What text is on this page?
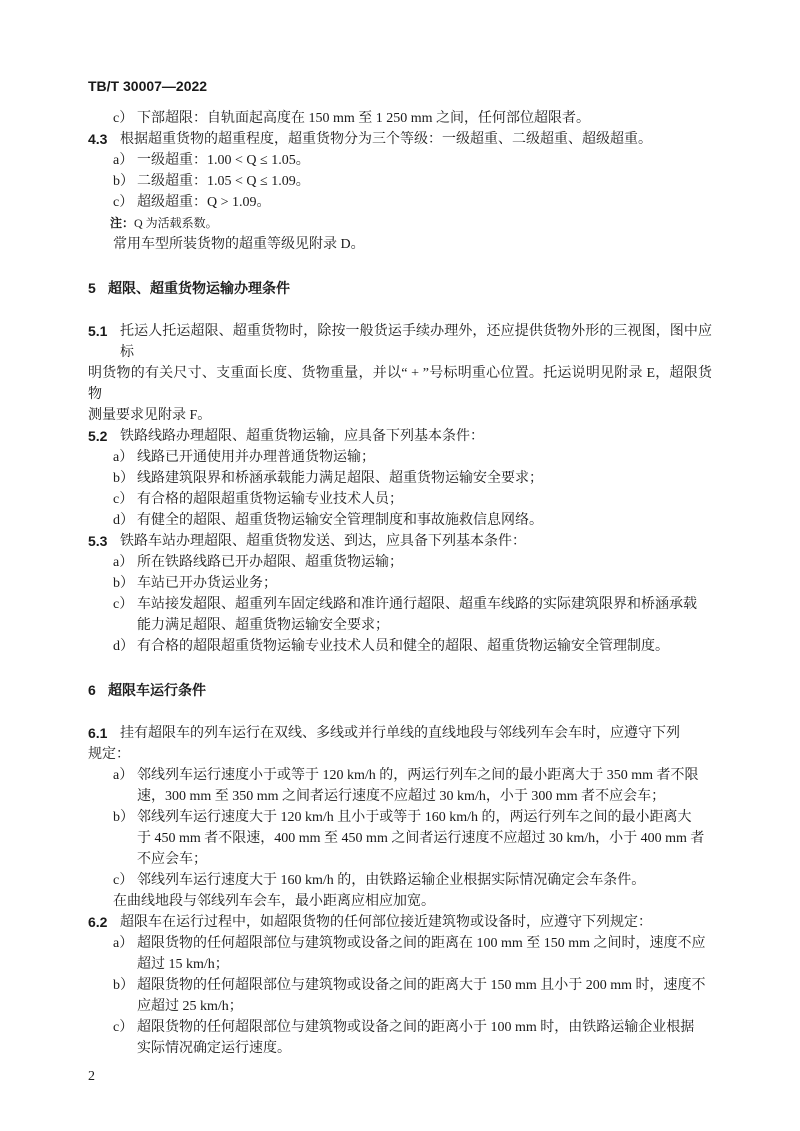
TB/T 30007—2022
c） 下部超限：自轨面起高度在 150 mm 至 1 250 mm 之间，任何部位超限者。
4.3 根据超重货物的超重程度，超重货物分为三个等级：一级超重、二级超重、超级超重。
a） 一级超重：1.00 < Q ≤ 1.05。
b） 二级超重：1.05 < Q ≤ 1.09。
c） 超级超重：Q > 1.09。
注：Q 为活载系数。
常用车型所装货物的超重等级见附录 D。
5 超限、超重货物运输办理条件
5.1 托运人托运超限、超重货物时，除按一般货运手续办理外，还应提供货物外形的三视图，图中应标
明货物的有关尺寸、支重面长度、货物重量，并以“ + ”号标明重心位置。托运说明见附录 E，超限货物
测量要求见附录 F。
5.2 铁路线路办理超限、超重货物运输，应具备下列基本条件：
a） 线路已开通使用并办理普通货物运输；
b） 线路建筑限界和桥涵承载能力满足超限、超重货物运输安全要求；
c） 有合格的超限超重货物运输专业技术人员；
d） 有健全的超限、超重货物运输安全管理制度和事故施救信息网络。
5.3 铁路车站办理超限、超重货物发送、到达，应具备下列基本条件：
a） 所在铁路线路已开办超限、超重货物运输；
b） 车站已开办货运业务；
c） 车站接发超限、超重列车固定线路和准许通行超限、超重车线路的实际建筑限界和桥涵承载
能力满足超限、超重货物运输安全要求；
d） 有合格的超限超重货物运输专业技术人员和健全的超限、超重货物运输安全管理制度。
6 超限车运行条件
6.1 挂有超限车的列车运行在双线、多线或并行单线的直线地段与邻线列车会车时，应遵守下列
规定：
a） 邻线列车运行速度小于或等于 120 km/h 的，两运行列车之间的最小距离大于 350 mm 者不限
速，300 mm 至 350 mm 之间者运行速度不应超过 30 km/h，小于 300 mm 者不应会车；
b） 邻线列车运行速度大于 120 km/h 且小于或等于 160 km/h 的，两运行列车之间的最小距离大
于 450 mm 者不限速，400 mm 至 450 mm 之间者运行速度不应超过 30 km/h，小于 400 mm 者
不应会车；
c） 邻线列车运行速度大于 160 km/h 的，由铁路运输企业根据实际情况确定会车条件。
在曲线地段与邻线列车会车，最小距离应相应加宽。
6.2 超限车在运行过程中，如超限货物的任何部位接近建筑物或设备时，应遵守下列规定：
a） 超限货物的任何超限部位与建筑物或设备之间的距离在 100 mm 至 150 mm 之间时，速度不应
超过 15 km/h；
b） 超限货物的任何超限部位与建筑物或设备之间的距离大于 150 mm 且小于 200 mm 时，速度不
应超过 25 km/h；
c） 超限货物的任何超限部位与建筑物或设备之间的距离小于 100 mm 时，由铁路运输企业根据
实际情况确定运行速度。
2
